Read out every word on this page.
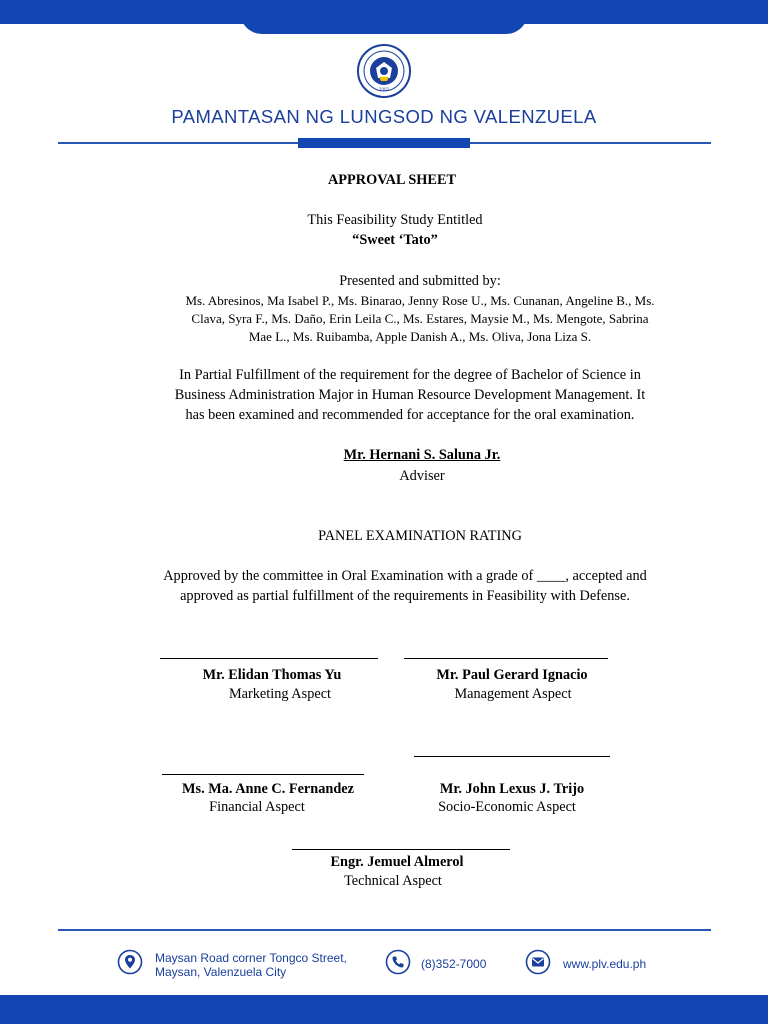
2002
PAMANTASAN NG LUNGSOD NG VALENZUELA
APPROVAL SHEET
This Feasibility Study Entitled
“Sweet ‘Tato”
Presented and submitted by:
Ms. Abresinos, Ma Isabel P., Ms. Binarao, Jenny Rose U., Ms. Cunanan, Angeline B., Ms.
Clava, Syra F., Ms. Daño, Erin Leila C., Ms. Estares, Maysie M., Ms. Mengote, Sabrina
Mae L., Ms. Ruibamba, Apple Danish A., Ms. Oliva, Jona Liza S.
In Partial Fulfillment of the requirement for the degree of Bachelor of Science in
Business Administration Major in Human Resource Development Management. It
has been examined and recommended for acceptance for the oral examination.
Mr. Hernani S. Saluna Jr.
Adviser
PANEL EXAMINATION RATING
Approved by the committee in Oral Examination with a grade of ____, accepted and
approved as partial fulfillment of the requirements in Feasibility with Defense.
Mr. Elidan Thomas Yu
Marketing Aspect
Mr. Paul Gerard Ignacio
Management Aspect
Ms. Ma. Anne C. Fernandez
Financial Aspect
Mr. John Lexus J. Trijo
Socio-Economic Aspect
Engr. Jemuel Almerol
Technical Aspect
Maysan Road corner Tongco Street,
Maysan, Valenzuela City
(8)352-7000	www.plv.edu.ph
